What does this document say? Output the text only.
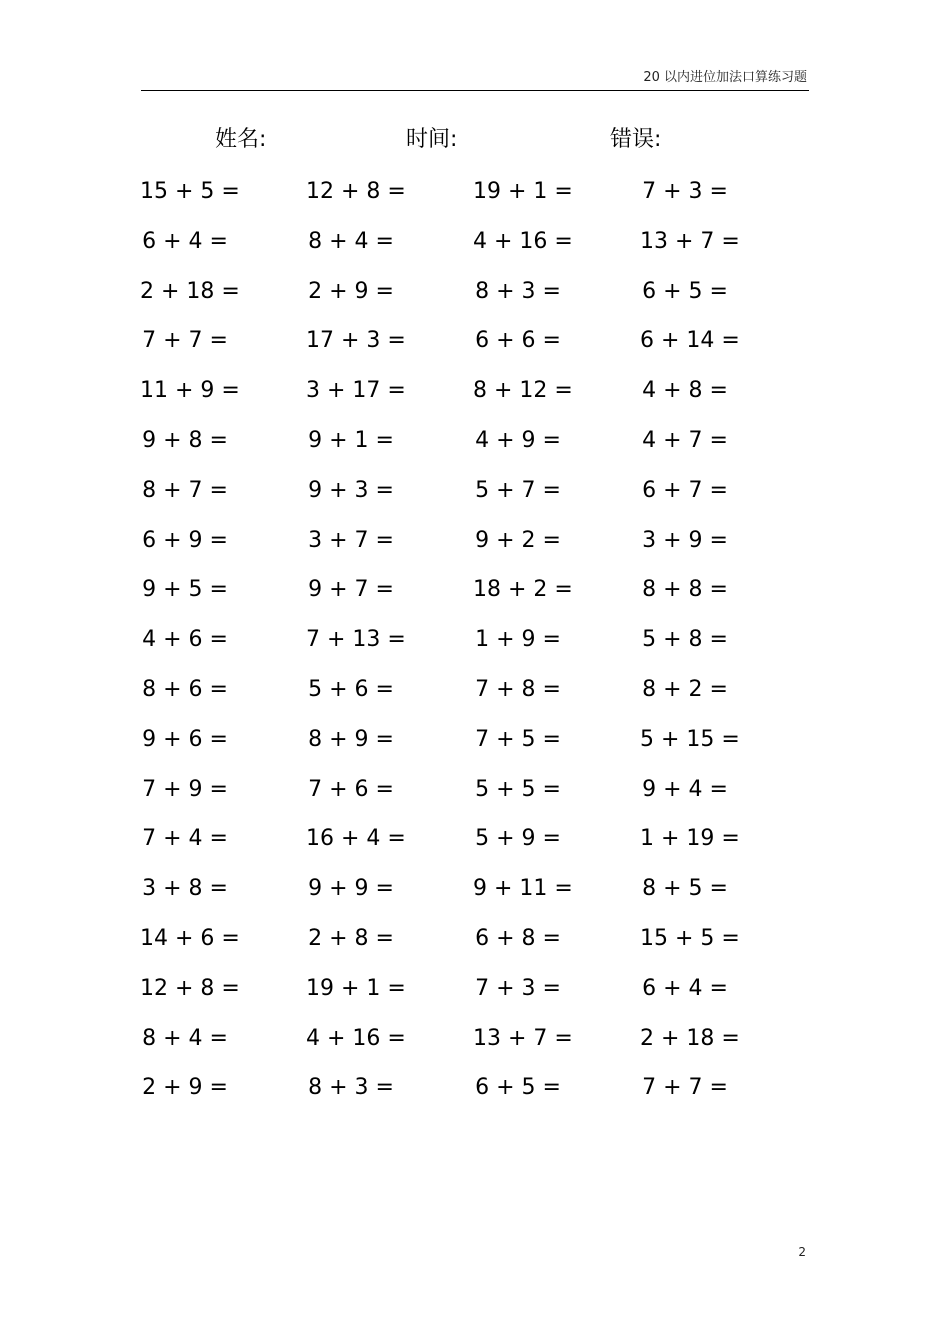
20 以内进位加法口算练习题
姓名:	时间:	错误:
15 + 5 =	12 + 8 =	19 + 1 =	7 + 3 =
6 + 4 =	8 + 4 =	4 + 16 =	13 + 7 =
2 + 18 =	2 + 9 =	8 + 3 =	6 + 5 =
7 + 7 =	17 + 3 =	6 + 6 =	6 + 14 =
11 + 9 =	3 + 17 =	8 + 12 =	4 + 8 =
9 + 8 =	9 + 1 =	4 + 9 =	4 + 7 =
8 + 7 =	9 + 3 =	5 + 7 =	6 + 7 =
6 + 9 =	3 + 7 =	9 + 2 =	3 + 9 =
9 + 5 =	9 + 7 =	18 + 2 =	8 + 8 =
4 + 6 =	7 + 13 =	1 + 9 =	5 + 8 =
8 + 6 =	5 + 6 =	7 + 8 =	8 + 2 =
9 + 6 =	8 + 9 =	7 + 5 =	5 + 15 =
7 + 9 =	7 + 6 =	5 + 5 =	9 + 4 =
7 + 4 =	16 + 4 =	5 + 9 =	1 + 19 =
3 + 8 =	9 + 9 =	9 + 11 =	8 + 5 =
14 + 6 =	2 + 8 =	6 + 8 =	15 + 5 =
12 + 8 =	19 + 1 =	7 + 3 =	6 + 4 =
8 + 4 =	4 + 16 =	13 + 7 =	2 + 18 =
2 + 9 =	8 + 3 =	6 + 5 =	7 + 7 =
2
